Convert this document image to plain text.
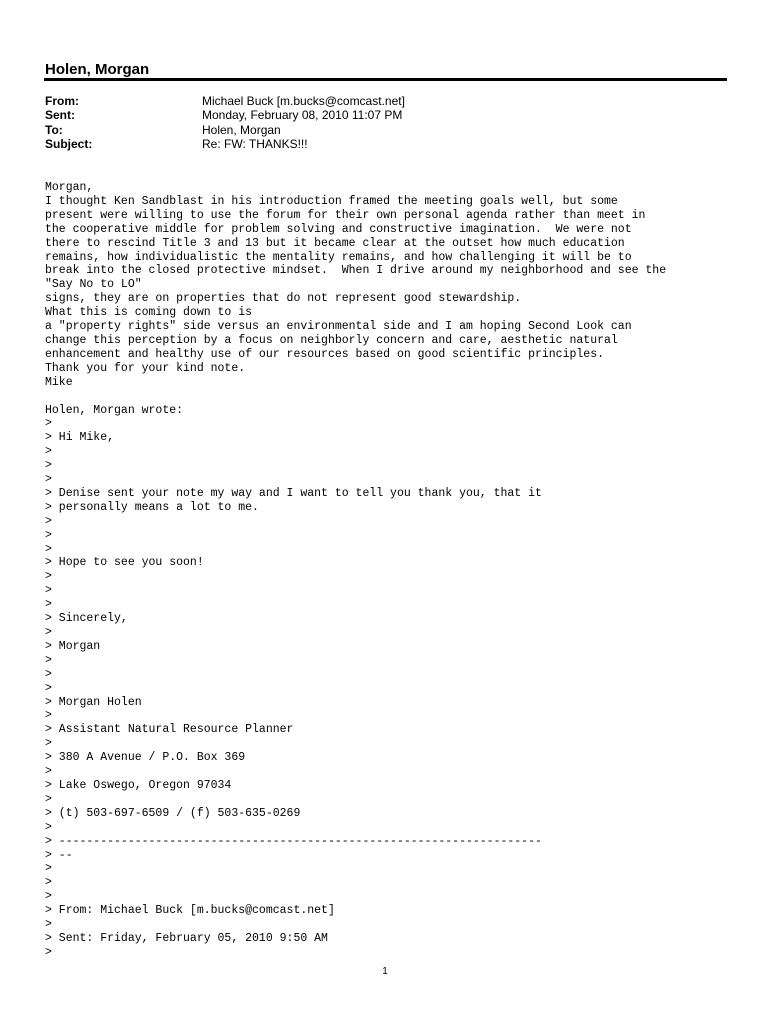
Holen, Morgan
From:	Michael Buck [m.bucks@comcast.net]
Sent:	Monday, February 08, 2010 11:07 PM
To:	Holen, Morgan
Subject:	Re: FW: THANKS!!!
Morgan,
I thought Ken Sandblast in his introduction framed the meeting goals well, but some
present were willing to use the forum for their own personal agenda rather than meet in
the cooperative middle for problem solving and constructive imagination.  We were not
there to rescind Title 3 and 13 but it became clear at the outset how much education
remains, how individualistic the mentality remains, and how challenging it will be to
break into the closed protective mindset.  When I drive around my neighborhood and see the
"Say No to LO"
signs, they are on properties that do not represent good stewardship.
What this is coming down to is
a "property rights" side versus an environmental side and I am hoping Second Look can
change this perception by a focus on neighborly concern and care, aesthetic natural
enhancement and healthy use of our resources based on good scientific principles.
Thank you for your kind note.
Mike

Holen, Morgan wrote:
>
> Hi Mike,
>
>
>
> Denise sent your note my way and I want to tell you thank you, that it
> personally means a lot to me.
>
>
>
> Hope to see you soon!
>
>
>
> Sincerely,
>
> Morgan
>
>
>
> Morgan Holen
>
> Assistant Natural Resource Planner
>
> 380 A Avenue / P.O. Box 369
>
> Lake Oswego, Oregon 97034
>
> (t) 503-697-6509 / (f) 503-635-0269
>
> ----------------------------------------------------------------------
> --
>
>
>
> From: Michael Buck [m.bucks@comcast.net]
>
> Sent: Friday, February 05, 2010 9:50 AM
>

1
